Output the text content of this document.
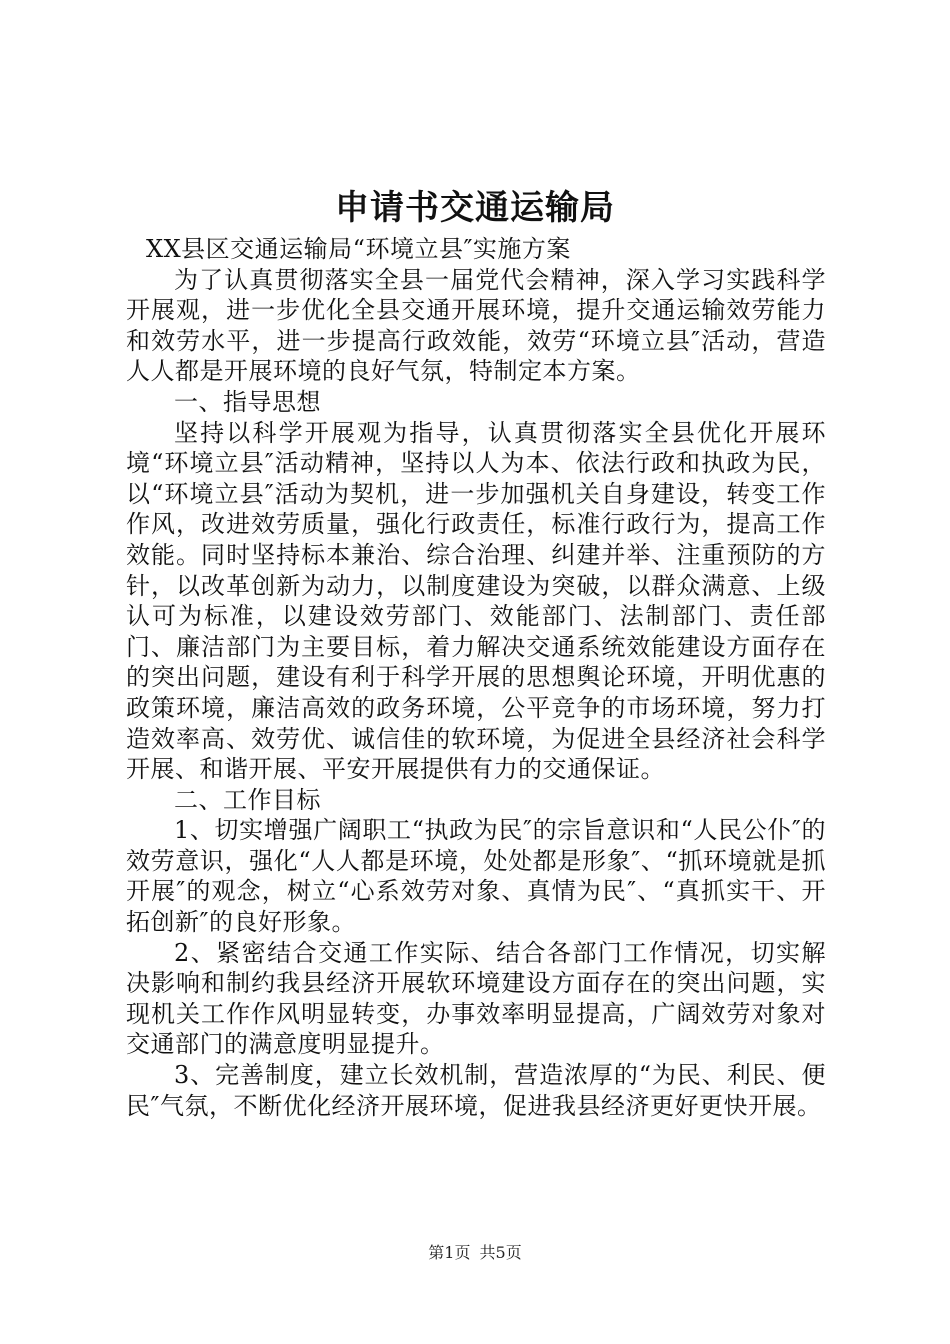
申请书交通运输局

XX县区交通运输局“环境立县″实施方案

为了认真贯彻落实全县一届党代会精神，深入学习实践科学开展观，进一步优化全县交通开展环境，提升交通运输效劳能力和效劳水平，进一步提高行政效能，效劳“环境立县″活动，营造人人都是开展环境的良好气氛，特制定本方案。

一、指导思想

坚持以科学开展观为指导，认真贯彻落实全县优化开展环境“环境立县″活动精神，坚持以人为本、依法行政和执政为民，以“环境立县″活动为契机，进一步加强机关自身建设，转变工作作风，改进效劳质量，强化行政责任，标准行政行为，提高工作效能。同时坚持标本兼治、综合治理、纠建并举、注重预防的方针，以改革创新为动力，以制度建设为突破，以群众满意、上级认可为标准，以建设效劳部门、效能部门、法制部门、责任部门、廉洁部门为主要目标，着力解决交通系统效能建设方面存在的突出问题，建设有利于科学开展的思想舆论环境，开明优惠的政策环境，廉洁高效的政务环境，公平竞争的市场环境，努力打造效率高、效劳优、诚信佳的软环境，为促进全县经济社会科学开展、和谐开展、平安开展提供有力的交通保证。

二、工作目标

1、切实增强广阔职工“执政为民″的宗旨意识和“人民公仆″的效劳意识，强化“人人都是环境，处处都是形象″、“抓环境就是抓开展″的观念，树立“心系效劳对象、真情为民″、“真抓实干、开拓创新″的良好形象。

2、紧密结合交通工作实际、结合各部门工作情况，切实解决影响和制约我县经济开展软环境建设方面存在的突出问题，实现机关工作作风明显转变，办事效率明显提高，广阔效劳对象对交通部门的满意度明显提升。

3、完善制度，建立长效机制，营造浓厚的“为民、利民、便民″气氛，不断优化经济开展环境，促进我县经济更好更快开展。

第1页 共5页
